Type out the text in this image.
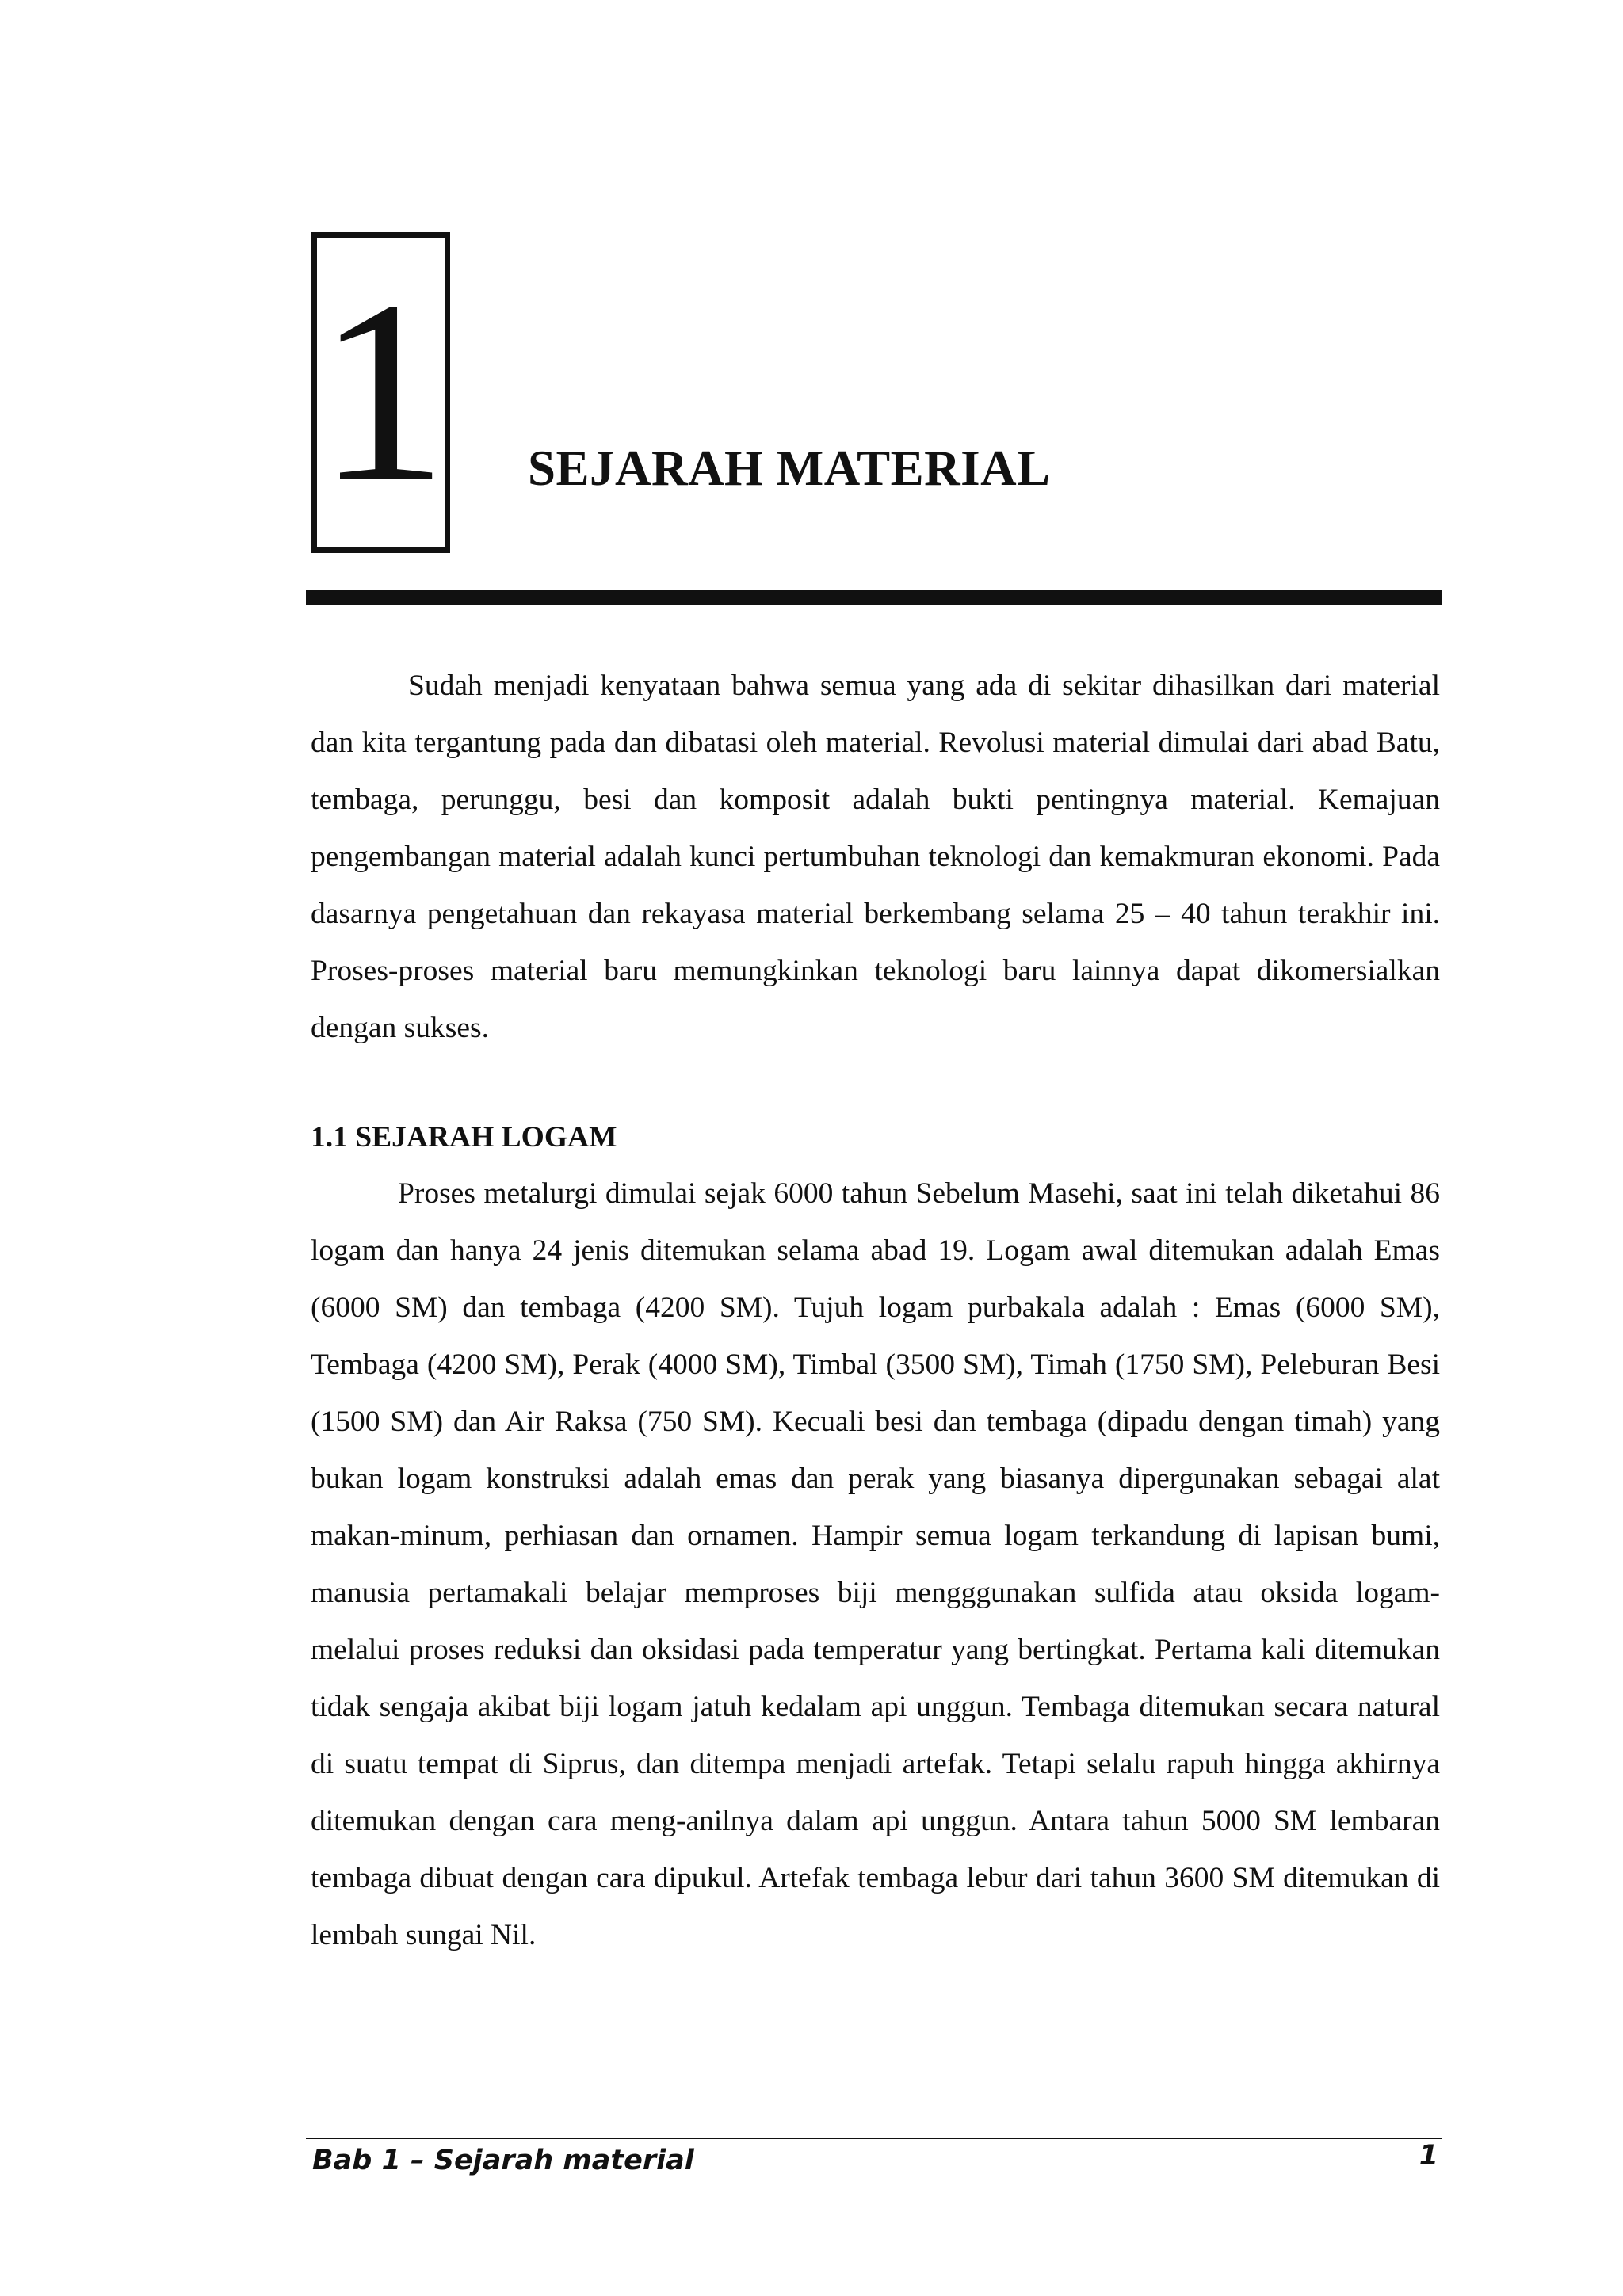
1 SEJARAH MATERIAL

Sudah menjadi kenyataan bahwa semua yang ada di sekitar dihasilkan dari material dan kita tergantung pada dan dibatasi oleh material. Revolusi material dimulai dari abad Batu, tembaga, perunggu, besi dan komposit adalah bukti pentingnya material. Kemajuan pengembangan material adalah kunci pertumbuhan teknologi dan kemakmuran ekonomi. Pada dasarnya pengetahuan dan rekayasa material berkembang selama 25 – 40 tahun terakhir ini. Proses-proses material baru memungkinkan teknologi baru lainnya dapat dikomersialkan dengan sukses.

1.1 SEJARAH LOGAM

Proses metalurgi dimulai sejak 6000 tahun Sebelum Masehi, saat ini telah diketahui 86 logam dan hanya 24 jenis ditemukan selama abad 19. Logam awal ditemukan adalah Emas (6000 SM) dan tembaga (4200 SM). Tujuh logam purbakala adalah : Emas (6000 SM), Tembaga (4200 SM), Perak (4000 SM), Timbal (3500 SM), Timah (1750 SM), Peleburan Besi (1500 SM) dan Air Raksa (750 SM). Kecuali besi dan tembaga (dipadu dengan timah) yang bukan logam konstruksi adalah emas dan perak yang biasanya dipergunakan sebagai alat makan-minum, perhiasan dan ornamen. Hampir semua logam terkandung di lapisan bumi, manusia pertamakali belajar memproses biji mengggunakan sulfida atau oksida logam- melalui proses reduksi dan oksidasi pada temperatur yang bertingkat. Pertama kali ditemukan tidak sengaja akibat biji logam jatuh kedalam api unggun. Tembaga ditemukan secara natural di suatu tempat di Siprus, dan ditempa menjadi artefak. Tetapi selalu rapuh hingga akhirnya ditemukan dengan cara meng-anilnya dalam api unggun. Antara tahun 5000 SM lembaran tembaga dibuat dengan cara dipukul. Artefak tembaga lebur dari tahun 3600 SM ditemukan di lembah sungai Nil.

Bab 1 – Sejarah material	1
